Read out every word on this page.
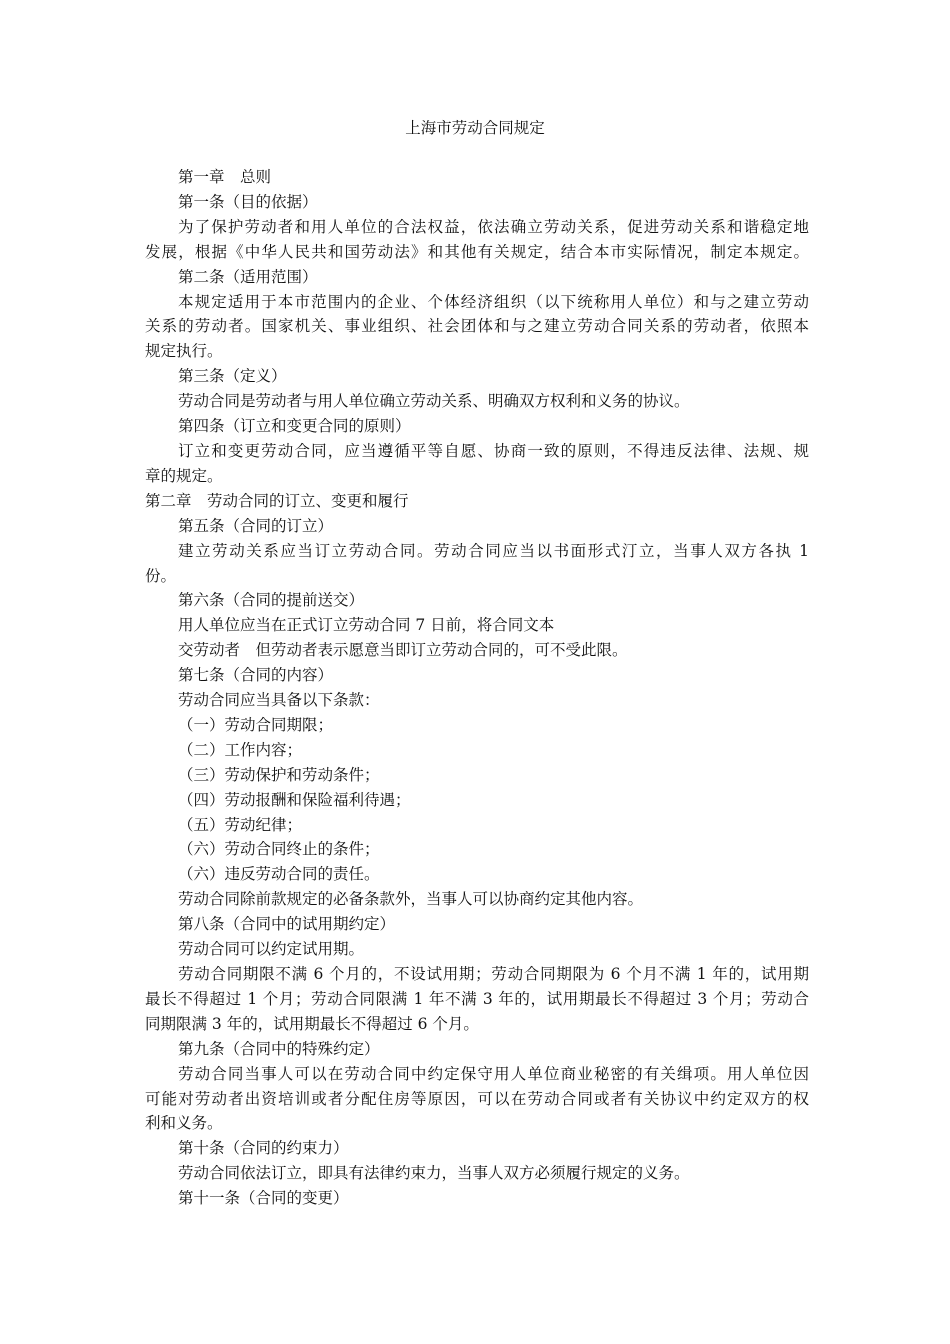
上海市劳动合同规定
第一章　总则
第一条（目的依据）
为了保护劳动者和用人单位的合法权益，依法确立劳动关系，促进劳动关系和谐稳定地
发展，根据《中华人民共和国劳动法》和其他有关规定，结合本市实际情况，制定本规定。
第二条（适用范围）
本规定适用于本市范围内的企业、个体经济组织（以下统称用人单位）和与之建立劳动
关系的劳动者。国家机关、事业组织、社会团体和与之建立劳动合同关系的劳动者，依照本
规定执行。
第三条（定义）
劳动合同是劳动者与用人单位确立劳动关系、明确双方权利和义务的协议。
第四条（订立和变更合同的原则）
订立和变更劳动合同，应当遵循平等自愿、协商一致的原则，不得违反法律、法规、规
章的规定。
第二章　劳动合同的订立、变更和履行
第五条（合同的订立）
建立劳动关系应当订立劳动合同。劳动合同应当以书面形式汀立，当事人双方各执 1
份。
第六条（合同的提前送交）
用人单位应当在正式订立劳动合同 7 日前，将合同文本
交劳动者　但劳动者表示愿意当即订立劳动合同的，可不受此限。
第七条（合同的内容）
劳动合同应当具备以下条款：
（一）劳动合同期限；
（二）工作内容；
（三）劳动保护和劳动条件；
（四）劳动报酬和保险福利待遇；
（五）劳动纪律；
（六）劳动合同终止的条件；
（六）违反劳动合同的责任。
劳动合同除前款规定的必备条款外，当事人可以协商约定其他内容。
第八条（合同中的试用期约定）
劳动合同可以约定试用期。
劳动合同期限不满 6 个月的，不设试用期；劳动合同期限为 6 个月不满 1 年的，试用期
最长不得超过 1 个月；劳动合同限满 1 年不满 3 年的，试用期最长不得超过 3 个月；劳动合
同期限满 3 年的，试用期最长不得超过 6 个月。
第九条（合同中的特殊约定）
劳动合同当事人可以在劳动合同中约定保守用人单位商业秘密的有关缉项。用人单位因
可能对劳动者出资培训或者分配住房等原因，可以在劳动合同或者有关协议中约定双方的权
利和义务。
第十条（合同的约束力）
劳动合同依法订立，即具有法律约束力，当事人双方必须履行规定的义务。
第十一条（合同的变更）
